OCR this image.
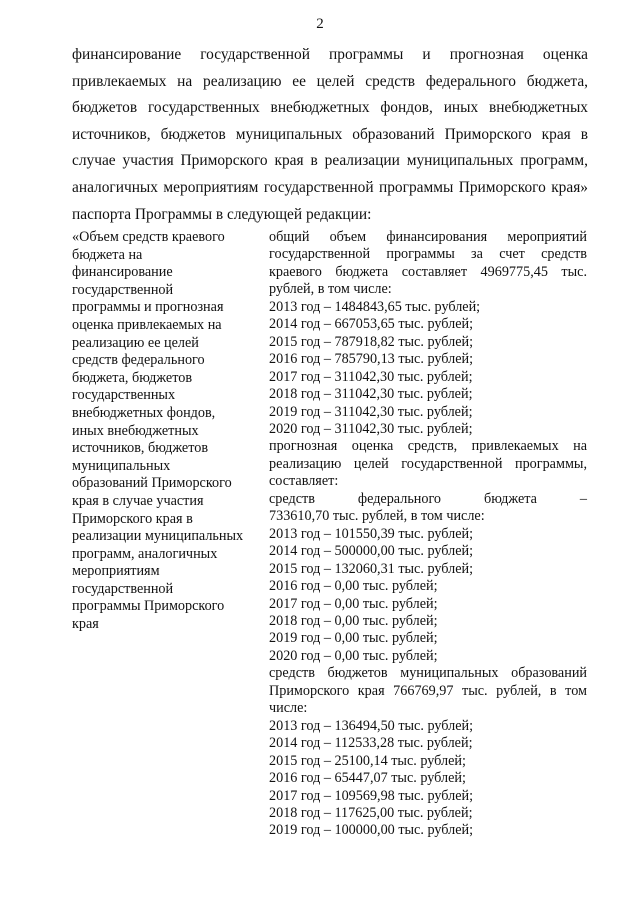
2
финансирование государственной программы и прогнозная оценка
привлекаемых на реализацию ее целей средств федерального бюджета,
бюджетов государственных внебюджетных фондов, иных внебюджетных
источников, бюджетов муниципальных образований Приморского края в
случае участия Приморского края в реализации муниципальных программ,
аналогичных мероприятиям государственной программы Приморского края»
паспорта Программы в следующей редакции:
«Объем средств краевого
бюджета на
финансирование
государственной
программы и прогнозная
оценка привлекаемых на
реализацию ее целей
средств федерального
бюджета, бюджетов
государственных
внебюджетных фондов,
иных внебюджетных
источников, бюджетов
муниципальных
образований Приморского
края в случае участия
Приморского края в
реализации муниципальных
программ, аналогичных
мероприятиям
государственной
программы Приморского
края
общий объем финансирования мероприятий
государственной программы за счет средств
краевого бюджета составляет 4969775,45 тыс.
рублей, в том числе:
2013 год – 1484843,65 тыс. рублей;
2014 год – 667053,65 тыс. рублей;
2015 год – 787918,82 тыс. рублей;
2016 год – 785790,13 тыс. рублей;
2017 год – 311042,30 тыс. рублей;
2018 год – 311042,30 тыс. рублей;
2019 год – 311042,30 тыс. рублей;
2020 год – 311042,30 тыс. рублей;
прогнозная оценка средств, привлекаемых на
реализацию целей государственной программы,
составляет:
средств федерального бюджета –
733610,70 тыс. рублей, в том числе:
2013 год – 101550,39 тыс. рублей;
2014 год – 500000,00 тыс. рублей;
2015 год – 132060,31 тыс. рублей;
2016 год – 0,00 тыс. рублей;
2017 год – 0,00 тыс. рублей;
2018 год – 0,00 тыс. рублей;
2019 год – 0,00 тыс. рублей;
2020 год – 0,00 тыс. рублей;
средств бюджетов муниципальных образований
Приморского края 766769,97 тыс. рублей, в том
числе:
2013 год – 136494,50 тыс. рублей;
2014 год – 112533,28 тыс. рублей;
2015 год – 25100,14 тыс. рублей;
2016 год – 65447,07 тыс. рублей;
2017 год – 109569,98 тыс. рублей;
2018 год – 117625,00 тыс. рублей;
2019 год – 100000,00 тыс. рублей;
